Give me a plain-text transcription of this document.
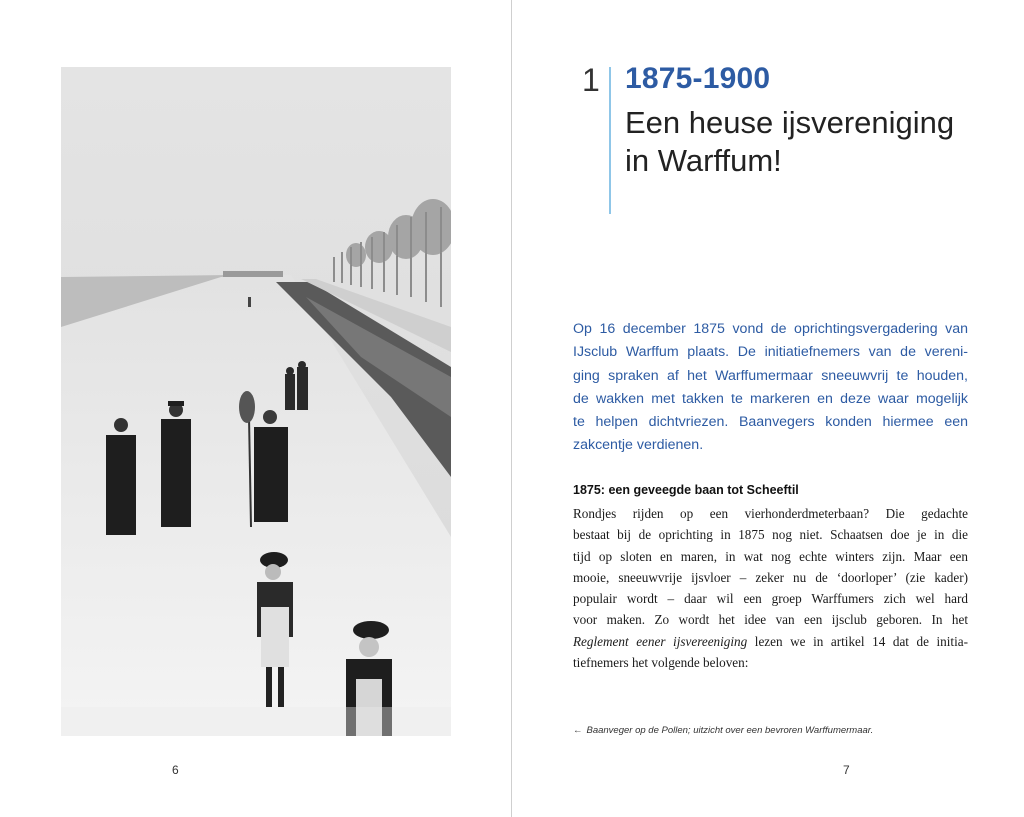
6
1 1875-1900
Een heuse ijsvereniging
in Warffum!
Op 16 december 1875 vond de oprichtingsvergadering van
IJsclub Warffum plaats. De initiatiefnemers van de vereni-
ging spraken af het Warffumermaar sneeuwvrij te houden,
de wakken met takken te markeren en deze waar mogelijk
te helpen dichtvriezen. Baanvegers konden hiermee een
zakcentje verdienen.
1875: een geveegde baan tot Scheeftil
Rondjes rijden op een vierhonderdmeterbaan? Die gedachte
bestaat bij de oprichting in 1875 nog niet. Schaatsen doe je in die
tijd op sloten en maren, in wat nog echte winters zijn. Maar een
mooie, sneeuwvrije ijsvloer – zeker nu de ‘doorloper’ (zie kader)
populair wordt – daar wil een groep Warffumers zich wel hard
voor maken. Zo wordt het idee van een ijsclub geboren. In het
Reglement eener ijsvereeniging lezen we in artikel 14 dat de initia-
tiefnemers het volgende beloven:
← Baanveger op de Pollen; uitzicht over een bevroren Warffumermaar.
7
